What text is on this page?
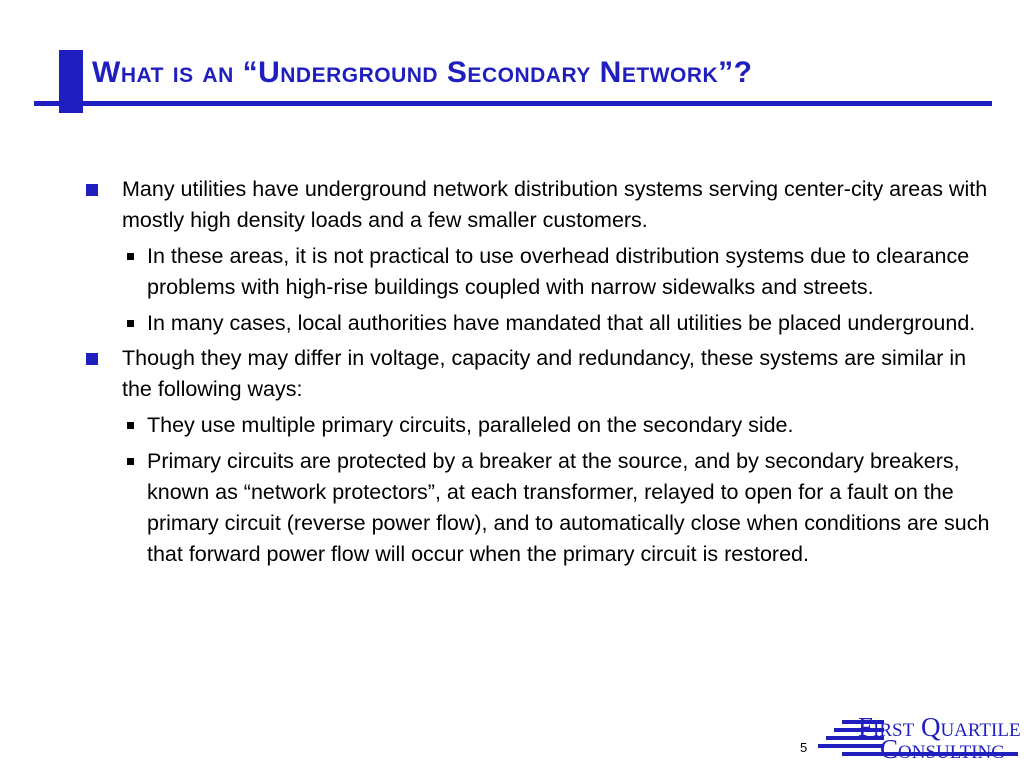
What is an “Underground Secondary Network”?
Many utilities have underground network distribution systems serving center-city areas with mostly high density loads and a few smaller customers.
In these areas, it is not practical to use overhead distribution systems due to clearance problems with high-rise buildings coupled with narrow sidewalks and streets.
In many cases, local authorities have mandated that all utilities be placed underground.
Though they may differ in voltage, capacity and redundancy, these systems are similar in the following ways:
They use multiple primary circuits, paralleled on the secondary side.
Primary circuits are protected by a breaker at the source, and by secondary breakers, known as “network protectors”, at each transformer, relayed to open for a fault on the primary circuit (reverse power flow), and to automatically close when conditions are such that forward power flow will occur when the primary circuit is restored.
5
First Quartile
Consulting
